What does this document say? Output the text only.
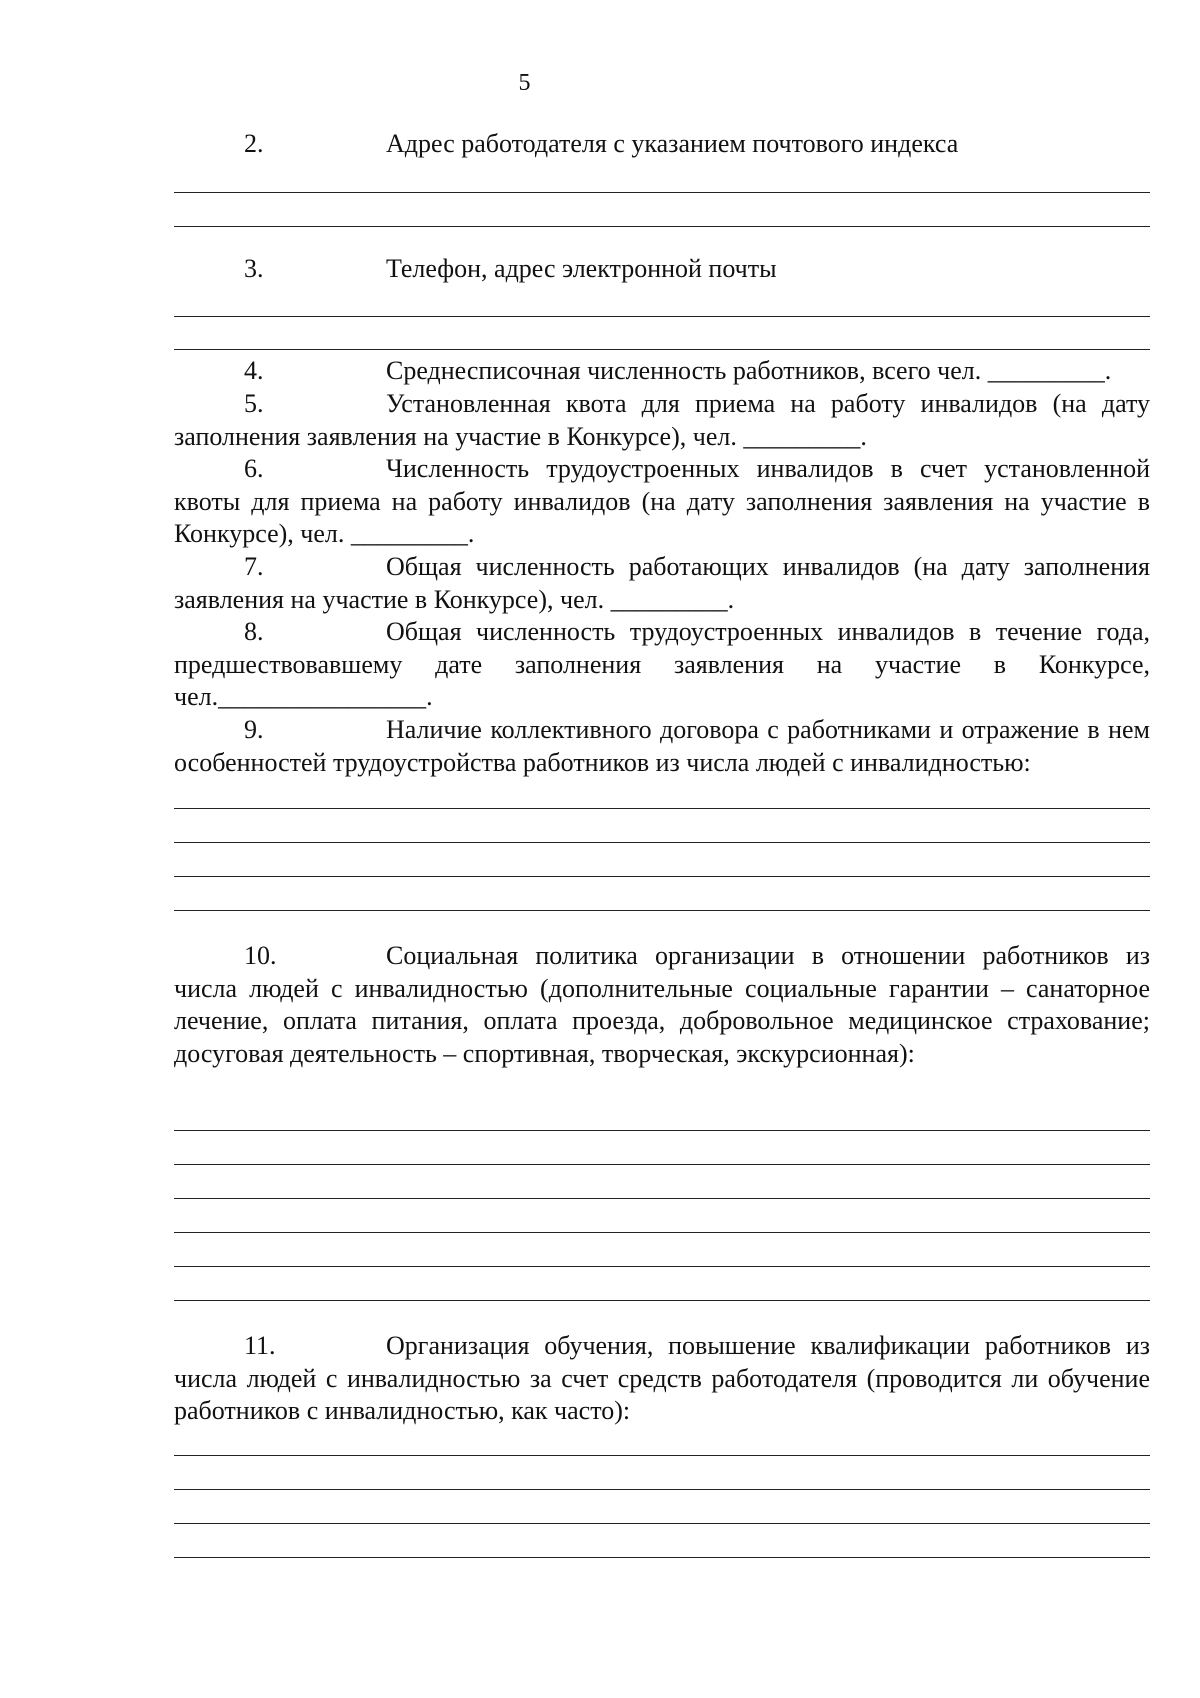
5
2.	Адрес работодателя с указанием почтового индекса
3.	Телефон, адрес электронной почты
4.	Среднесписочная численность работников, всего чел. _________.
5.	Установленная квота для приема на работу инвалидов (на дату заполнения заявления на участие в Конкурсе), чел. _________.
6.	Численность трудоустроенных инвалидов в счет установленной квоты для приема на работу инвалидов (на дату заполнения заявления на участие в Конкурсе), чел. _________.
7.	Общая численность работающих инвалидов (на дату заполнения заявления на участие в Конкурсе), чел. _________.
8.	Общая численность трудоустроенных инвалидов в течение года, предшествовавшему дате заполнения заявления на участие в Конкурсе, чел.________________.
9.	Наличие коллективного договора с работниками и отражение в нем особенностей трудоустройства работников из числа людей с инвалидностью:
10.	Социальная политика организации в отношении работников из числа людей с инвалидностью (дополнительные социальные гарантии – санаторное лечение, оплата питания, оплата проезда, добровольное медицинское страхование; досуговая деятельность – спортивная, творческая, экскурсионная):
11.	Организация обучения, повышение квалификации работников из числа людей с инвалидностью за счет средств работодателя (проводится ли обучение работников с инвалидностью, как часто):
